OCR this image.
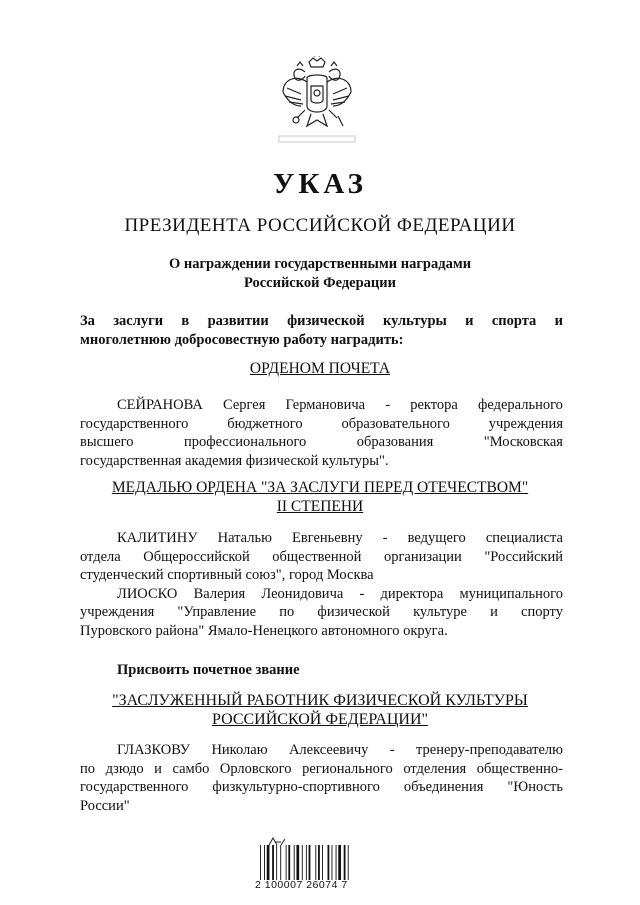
УКАЗ
ПРЕЗИДЕНТА РОССИЙСКОЙ ФЕДЕРАЦИИ
О награждении государственными наградами
Российской Федерации
За заслуги в развитии физической культуры и спорта и
многолетнюю добросовестную работу наградить:
ОРДЕНОМ ПОЧЕТА
СЕЙРАНОВА Сергея Германовича - ректора федерального
государственного	бюджетного	образовательного	учреждения
высшего	профессионального	образования	"Московская
государственная академия физической культуры".
МЕДАЛЬЮ ОРДЕНА "ЗА ЗАСЛУГИ ПЕРЕД ОТЕЧЕСТВОМ"
II СТЕПЕНИ
КАЛИТИНУ Наталью Евгеньевну - ведущего специалиста
отдела Общероссийской общественной организации "Российский
студенческий спортивный союз", город Москва
ЛИОСКО Валерия Леонидовича - директора муниципального
учреждения "Управление по физической культуре и спорту
Пуровского района" Ямало-Ненецкого автономного округа.
Присвоить почетное звание
"ЗАСЛУЖЕННЫЙ РАБОТНИК ФИЗИЧЕСКОЙ КУЛЬТУРЫ
РОССИЙСКОЙ ФЕДЕРАЦИИ"
ГЛАЗКОВУ Николаю Алексеевичу - тренеру-преподавателю
по дзюдо и самбо Орловского регионального отделения общественно-
государственного физкультурно-спортивного объединения "Юность
России"
2 100007 26074 7
